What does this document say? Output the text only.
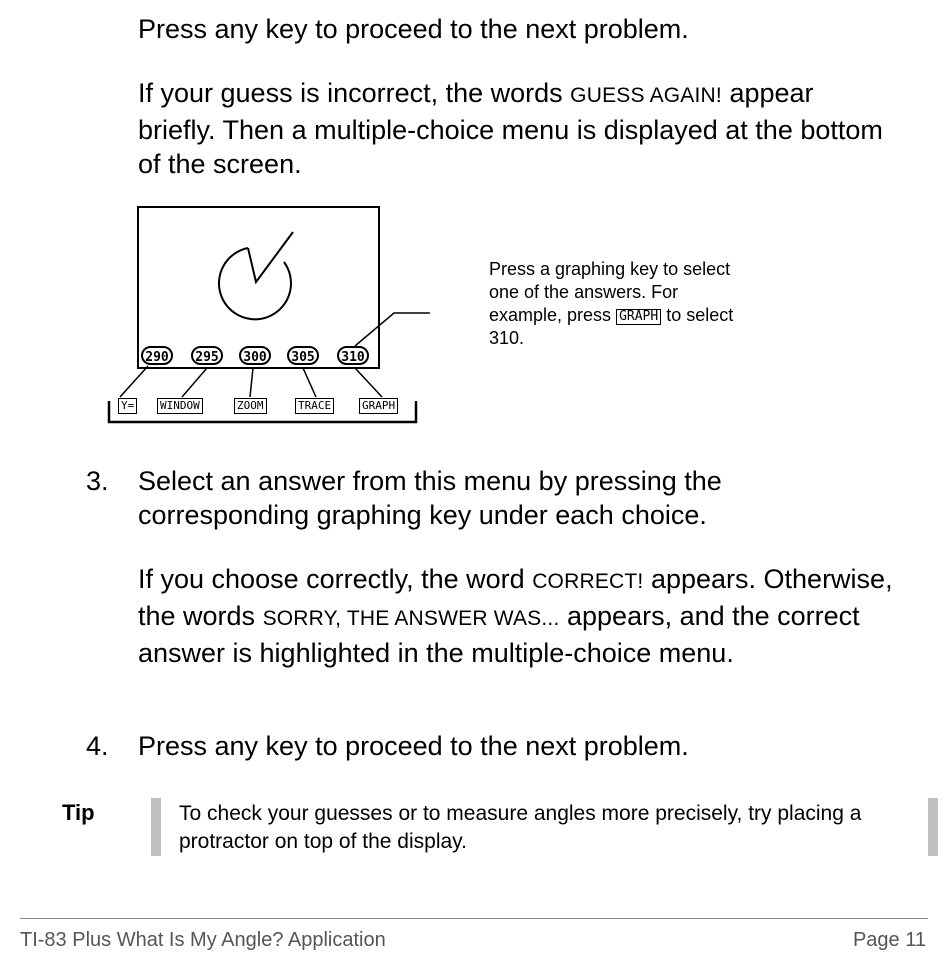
Press any key to proceed to the next problem.

If your guess is incorrect, the words GUESS AGAIN! appear briefly. Then a multiple-choice menu is displayed at the bottom of the screen.

290	295	300	305	310
Y= WINDOW	ZOOM	TRACE	GRAPH
Press a graphing key to select one of the answers. For example, press GRAPH to select 310.
3. Select an answer from this menu by pressing the corresponding graphing key under each choice.

If you choose correctly, the word CORRECT! appears. Otherwise, the words SORRY, THE ANSWER WAS... appears, and the correct answer is highlighted in the multiple-choice menu.

4. Press any key to proceed to the next problem.

Tip	To check your guesses or to measure angles more precisely, try placing a protractor on top of the display.
TI-83 Plus What Is My Angle? Application	Page 11
